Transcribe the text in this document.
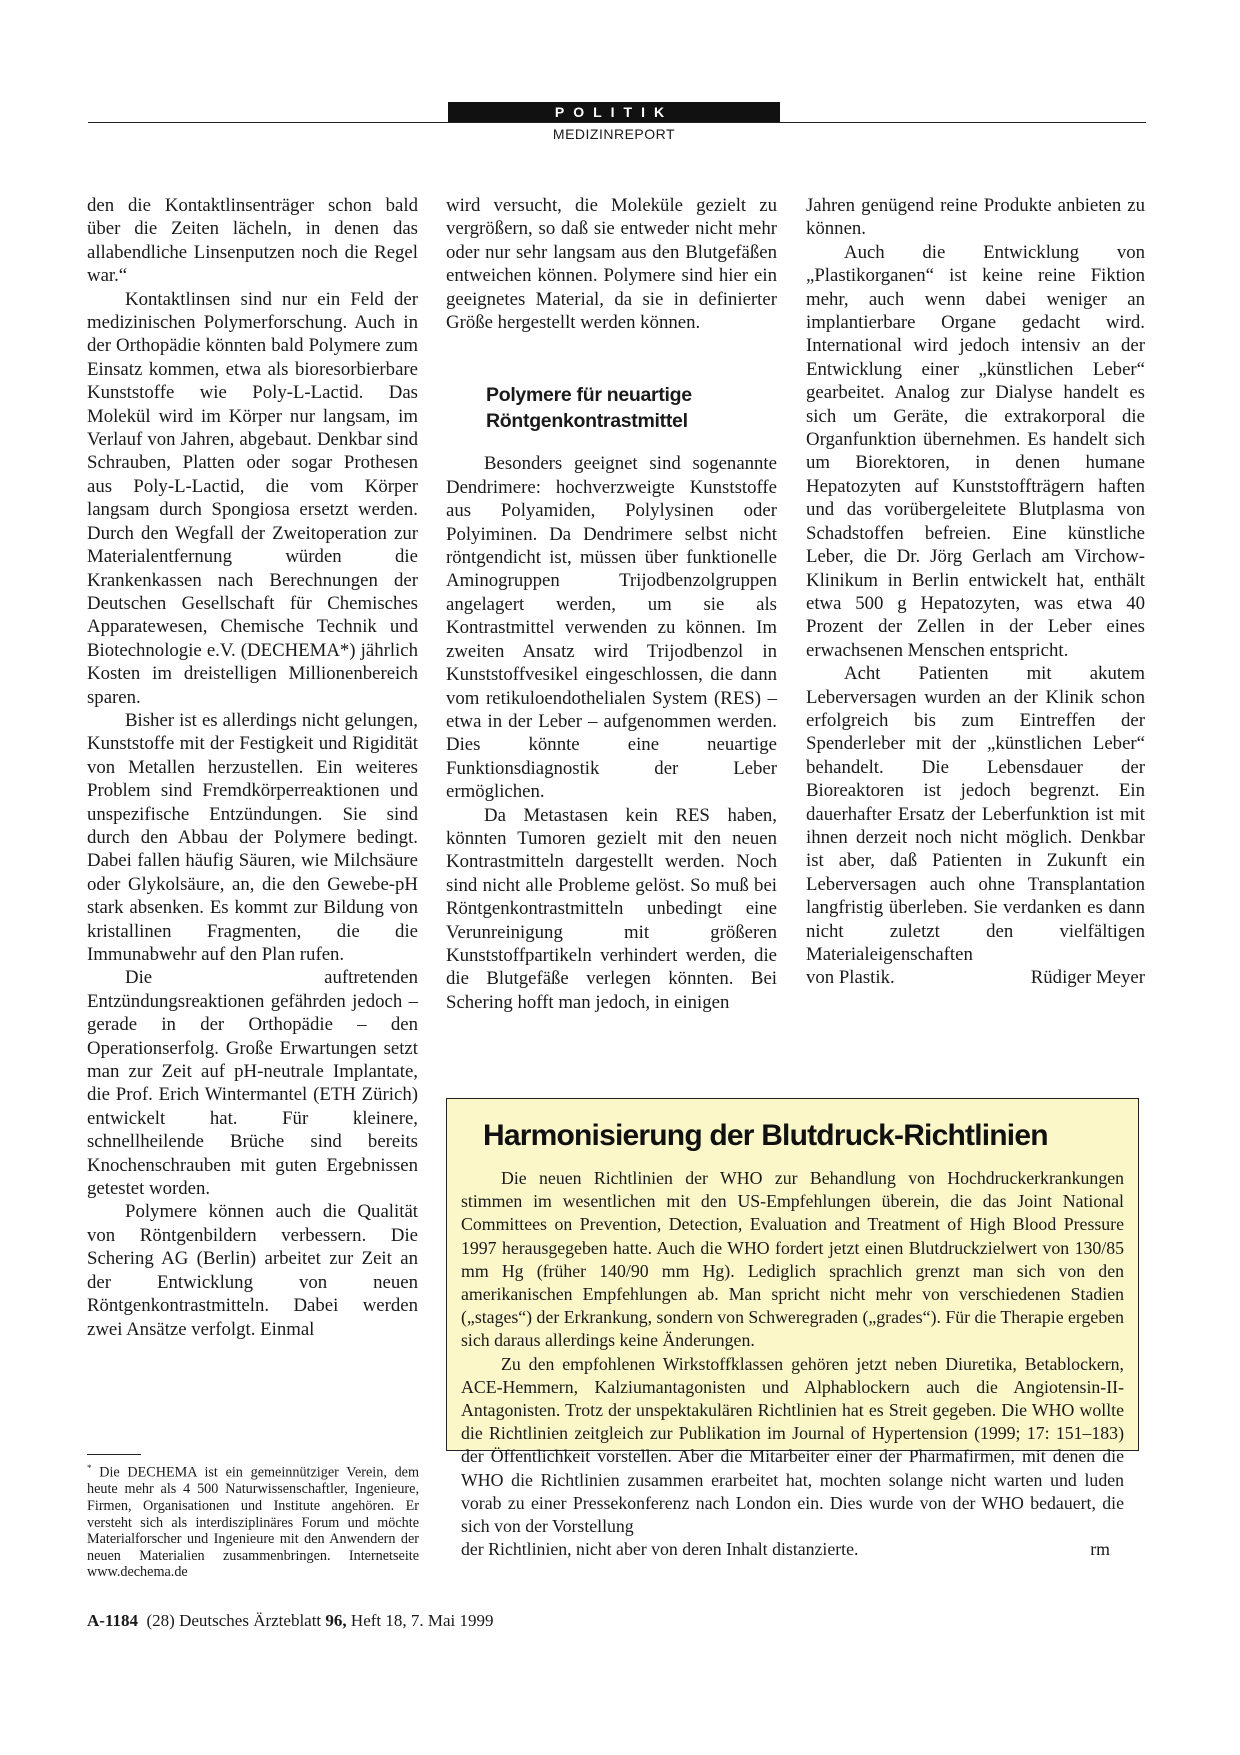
POLITIK
MEDIZINREPORT

den die Kontaktlinsenträger schon bald über die Zeiten lächeln, in denen das allabendliche Linsenputzen noch die Regel war.“

Kontaktlinsen sind nur ein Feld der medizinischen Polymerforschung. Auch in der Orthopädie könnten bald Polymere zum Einsatz kommen, etwa als bioresorbierbare Kunststoffe wie Poly-L-Lactid. Das Molekül wird im Körper nur langsam, im Verlauf von Jahren, abgebaut. Denkbar sind Schrauben, Platten oder sogar Prothesen aus Poly-L-Lactid, die vom Körper langsam durch Spongiosa ersetzt werden. Durch den Wegfall der Zweitoperation zur Materialentfernung würden die Krankenkassen nach Berechnungen der Deutschen Gesellschaft für Chemisches Apparatewesen, Chemische Technik und Biotechnologie e.V. (DECHEMA*) jährlich Kosten im dreistelligen Millionenbereich sparen.

Bisher ist es allerdings nicht gelungen, Kunststoffe mit der Festigkeit und Rigidität von Metallen herzustellen. Ein weiteres Problem sind Fremdkörperreaktionen und unspezifische Entzündungen. Sie sind durch den Abbau der Polymere bedingt. Dabei fallen häufig Säuren, wie Milchsäure oder Glykolsäure, an, die den Gewebe-pH stark absenken. Es kommt zur Bildung von kristallinen Fragmenten, die die Immunabwehr auf den Plan rufen.

Die auftretenden Entzündungsreaktionen gefährden jedoch – gerade in der Orthopädie – den Operationserfolg. Große Erwartungen setzt man zur Zeit auf pH-neutrale Implantate, die Prof. Erich Wintermantel (ETH Zürich) entwickelt hat. Für kleinere, schnellheilende Brüche sind bereits Knochenschrauben mit guten Ergebnissen getestet worden.

Polymere können auch die Qualität von Röntgenbildern verbessern. Die Schering AG (Berlin) arbeitet zur Zeit an der Entwicklung von neuen Röntgenkontrastmitteln. Dabei werden zwei Ansätze verfolgt. Einmal

wird versucht, die Moleküle gezielt zu vergrößern, so daß sie entweder nicht mehr oder nur sehr langsam aus den Blutgefäßen entweichen können. Polymere sind hier ein geeignetes Material, da sie in definierter Größe hergestellt werden können.

Polymere für neuartige Röntgenkontrastmittel

Besonders geeignet sind sogenannte Dendrimere: hochverzweigte Kunststoffe aus Polyamiden, Polylysinen oder Polyiminen. Da Dendrimere selbst nicht röntgendicht ist, müssen über funktionelle Aminogruppen Trijodbenzolgruppen angelagert werden, um sie als Kontrastmittel verwenden zu können. Im zweiten Ansatz wird Trijodbenzol in Kunststoffvesikel eingeschlossen, die dann vom retikuloendothelialen System (RES) – etwa in der Leber – aufgenommen werden. Dies könnte eine neuartige Funktionsdiagnostik der Leber ermöglichen.

Da Metastasen kein RES haben, könnten Tumoren gezielt mit den neuen Kontrastmitteln dargestellt werden. Noch sind nicht alle Probleme gelöst. So muß bei Röntgenkontrastmitteln unbedingt eine Verunreinigung mit größeren Kunststoffpartikeln verhindert werden, die die Blutgefäße verlegen könnten. Bei Schering hofft man jedoch, in einigen

Jahren genügend reine Produkte anbieten zu können.

Auch die Entwicklung von „Plastikorganen“ ist keine reine Fiktion mehr, auch wenn dabei weniger an implantierbare Organe gedacht wird. International wird jedoch intensiv an der Entwicklung einer „künstlichen Leber“ gearbeitet. Analog zur Dialyse handelt es sich um Geräte, die extrakorporal die Organfunktion übernehmen. Es handelt sich um Biorektoren, in denen humane Hepatozyten auf Kunststoffträgern haften und das vorübergeleitete Blutplasma von Schadstoffen befreien. Eine künstliche Leber, die Dr. Jörg Gerlach am Virchow-Klinikum in Berlin entwickelt hat, enthält etwa 500 g Hepatozyten, was etwa 40 Prozent der Zellen in der Leber eines erwachsenen Menschen entspricht.

Acht Patienten mit akutem Leberversagen wurden an der Klinik schon erfolgreich bis zum Eintreffen der Spenderleber mit der „künstlichen Leber“ behandelt. Die Lebensdauer der Bioreaktoren ist jedoch begrenzt. Ein dauerhafter Ersatz der Leberfunktion ist mit ihnen derzeit noch nicht möglich. Denkbar ist aber, daß Patienten in Zukunft ein Leberversagen auch ohne Transplantation langfristig überleben. Sie verdanken es dann nicht zuletzt den vielfältigen Materialeigenschaften

von Plastik.	Rüdiger Meyer
* Die DECHEMA ist ein gemeinnütziger Verein, dem heute mehr als 4 500 Naturwissenschaftler, Ingenieure, Firmen, Organisationen und Institute angehören. Er versteht sich als interdisziplinäres Forum und möchte Materialforscher und Ingenieure mit den Anwendern der neuen Materialien zusammenbringen. Internetseite www.dechema.de
Harmonisierung der Blutdruck-Richtlinien

Die neuen Richtlinien der WHO zur Behandlung von Hochdruckerkrankungen stimmen im wesentlichen mit den US-Empfehlungen überein, die das Joint National Committees on Prevention, Detection, Evaluation and Treatment of High Blood Pressure 1997 herausgegeben hatte. Auch die WHO fordert jetzt einen Blutdruckzielwert von 130/85 mm Hg (früher 140/90 mm Hg). Lediglich sprachlich grenzt man sich von den amerikanischen Empfehlungen ab. Man spricht nicht mehr von verschiedenen Stadien („stages“) der Erkrankung, sondern von Schweregraden („grades“). Für die Therapie ergeben sich daraus allerdings keine Änderungen.

Zu den empfohlenen Wirkstoffklassen gehören jetzt neben Diuretika, Betablockern, ACE-Hemmern, Kalziumantagonisten und Alphablockern auch die Angiotensin-II-Antagonisten. Trotz der unspektakulären Richtlinien hat es Streit gegeben. Die WHO wollte die Richtlinien zeitgleich zur Publikation im Journal of Hypertension (1999; 17: 151–183) der Öffentlichkeit vorstellen. Aber die Mitarbeiter einer der Pharmafirmen, mit denen die WHO die Richtlinien zusammen erarbeitet hat, mochten solange nicht warten und luden vorab zu einer Pressekonferenz nach London ein. Dies wurde von der WHO bedauert, die sich von der Vorstellung

der Richtlinien, nicht aber von deren Inhalt distanzierte.	rm
A-1184 (28) Deutsches Ärzteblatt 96, Heft 18, 7. Mai 1999
